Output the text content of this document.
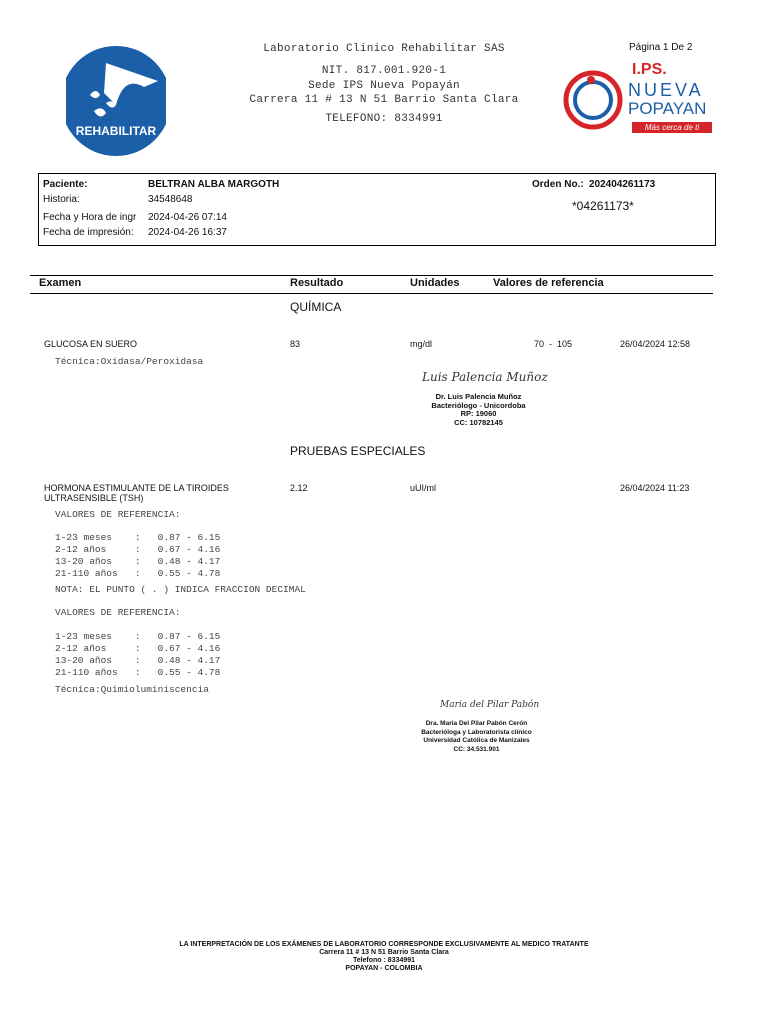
REHABILITAR
Laboratorio Clinico Rehabilitar SAS
NIT. 817.001.920-1
Sede IPS Nueva Popayán
Carrera 11 # 13 N 51 Barrio Santa Clara
TELEFONO: 8334991
Página 1 De 2
I.PS.
NUEVA
POPAYAN
Más cerca de ti
Paciente:	BELTRAN ALBA MARGOTH
Historia:	34548648
Fecha y Hora de ingr 2024-04-26 07:14
Fecha de impresión: 2024-04-26 16:37
Orden No.: 202404261173
*04261173*
Examen	Resultado	Unidades	Valores de referencia
QUÍMICA
GLUCOSA EN SUERO	83	mg/dl	70  -  105	26/04/2024 12:58
Técnica:Oxidasa/Peroxidasa
Luis Palencia Muñoz
Dr. Luis Palencia Muñoz
Bacteriólogo - Unicordoba
RP: 19060
CC: 10782145
PRUEBAS ESPECIALES
HORMONA ESTIMULANTE DE LA TIROIDES
ULTRASENSIBLE (TSH)
2.12	uUI/ml	26/04/2024 11:23
VALORES DE REFERENCIA:
1-23 meses    :   0.87 - 6.15
2-12 años     :   0.67 - 4.16
13-20 años    :   0.48 - 4.17
21-110 años   :   0.55 - 4.78
NOTA: EL PUNTO ( . ) INDICA FRACCION DECIMAL
VALORES DE REFERENCIA:
1-23 meses    :   0.87 - 6.15
2-12 años     :   0.67 - 4.16
13-20 años    :   0.48 - 4.17
21-110 años   :   0.55 - 4.78
Técnica:Quimioluminiscencia
Maria del Pilar Pabón
Dra. Maria Del Pilar Pabón Cerón
Bacterióloga y Laboratorista clínico
Universidad Católica de Manizales
CC: 34.531.901
LA INTERPRETACIÓN DE LOS EXÁMENES DE LABORATORIO CORRESPONDE EXCLUSIVAMENTE AL MEDICO TRATANTE
Carrera 11 # 13 N 51 Barrio Santa Clara
Telefono : 8334991
POPAYAN - COLOMBIA
